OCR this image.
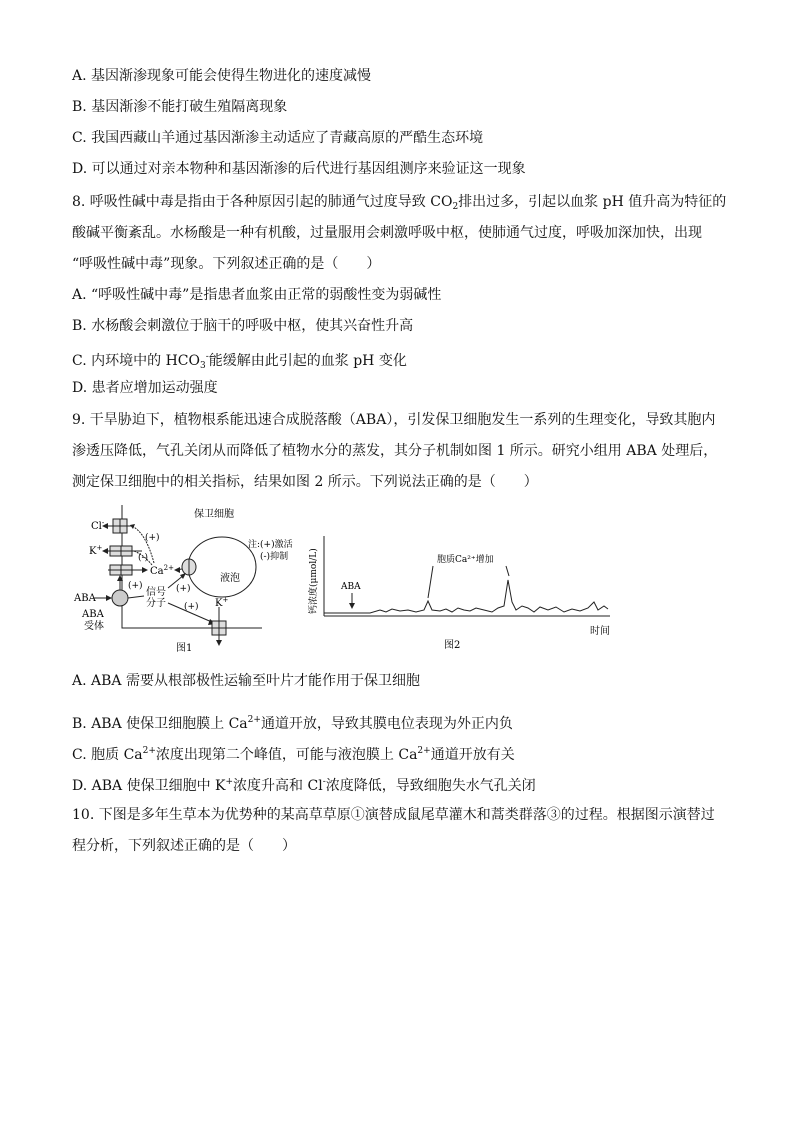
A. 基因渐渗现象可能会使得生物进化的速度减慢
B. 基因渐渗不能打破生殖隔离现象
C. 我国西藏山羊通过基因渐渗主动适应了青藏高原的严酷生态环境
D. 可以通过对亲本物种和基因渐渗的后代进行基因组测序来验证这一现象
8. 呼吸性碱中毒是指由于各种原因引起的肺通气过度导致 $CO_2$排出过多，引起以血浆 pH 值升高为特征的
酸碱平衡紊乱。水杨酸是一种有机酸，过量服用会刺激呼吸中枢，使肺通气过度，呼吸加深加快，出现
“呼吸性碱中毒”现象。下列叙述正确的是（　　）
A. “呼吸性碱中毒”是指患者血浆由正常的弱酸性变为弱碱性
B. 水杨酸会刺激位于脑干的呼吸中枢，使其兴奋性升高
C. 内环境中的 $HCO_3^-$能缓解由此引起的血浆 pH 变化
D. 患者应增加运动强度
9. 干旱胁迫下，植物根系能迅速合成脱落酸（ABA），引发保卫细胞发生一系列的生理变化，导致其胞内
渗透压降低，气孔关闭从而降低了植物水分的蒸发，其分子机制如图 1 所示。研究小组用 ABA 处理后，
测定保卫细胞中的相关指标，结果如图 2 所示。下列说法正确的是（　　）
保卫细胞
液泡
Cl-
K+
$Ca^{2+}$
(+)
(-)
ABA
ABA
受体
(+)
信号
分子
(+)
(+) K+
注:(+)激活
(-)抑制
图1
钙浓度(μmol/L) ABA
胞质Ca²⁺增加
时间
图2
A. ABA 需要从根部极性运输至叶片才能作用于保卫细胞
B. ABA 使保卫细胞膜上 $Ca^{2+}$通道开放，导致其膜电位表现为外正内负
C. 胞质 $Ca^{2+}$浓度出现第二个峰值，可能与液泡膜上 $Ca^{2+}$通道开放有关
D. ABA 使保卫细胞中 K+浓度升高和 Cl-浓度降低，导致细胞失水气孔关闭
10. 下图是多年生草本为优势种的某高草草原①演替成鼠尾草灌木和蒿类群落③的过程。根据图示演替过
程分析，下列叙述正确的是（　　）
